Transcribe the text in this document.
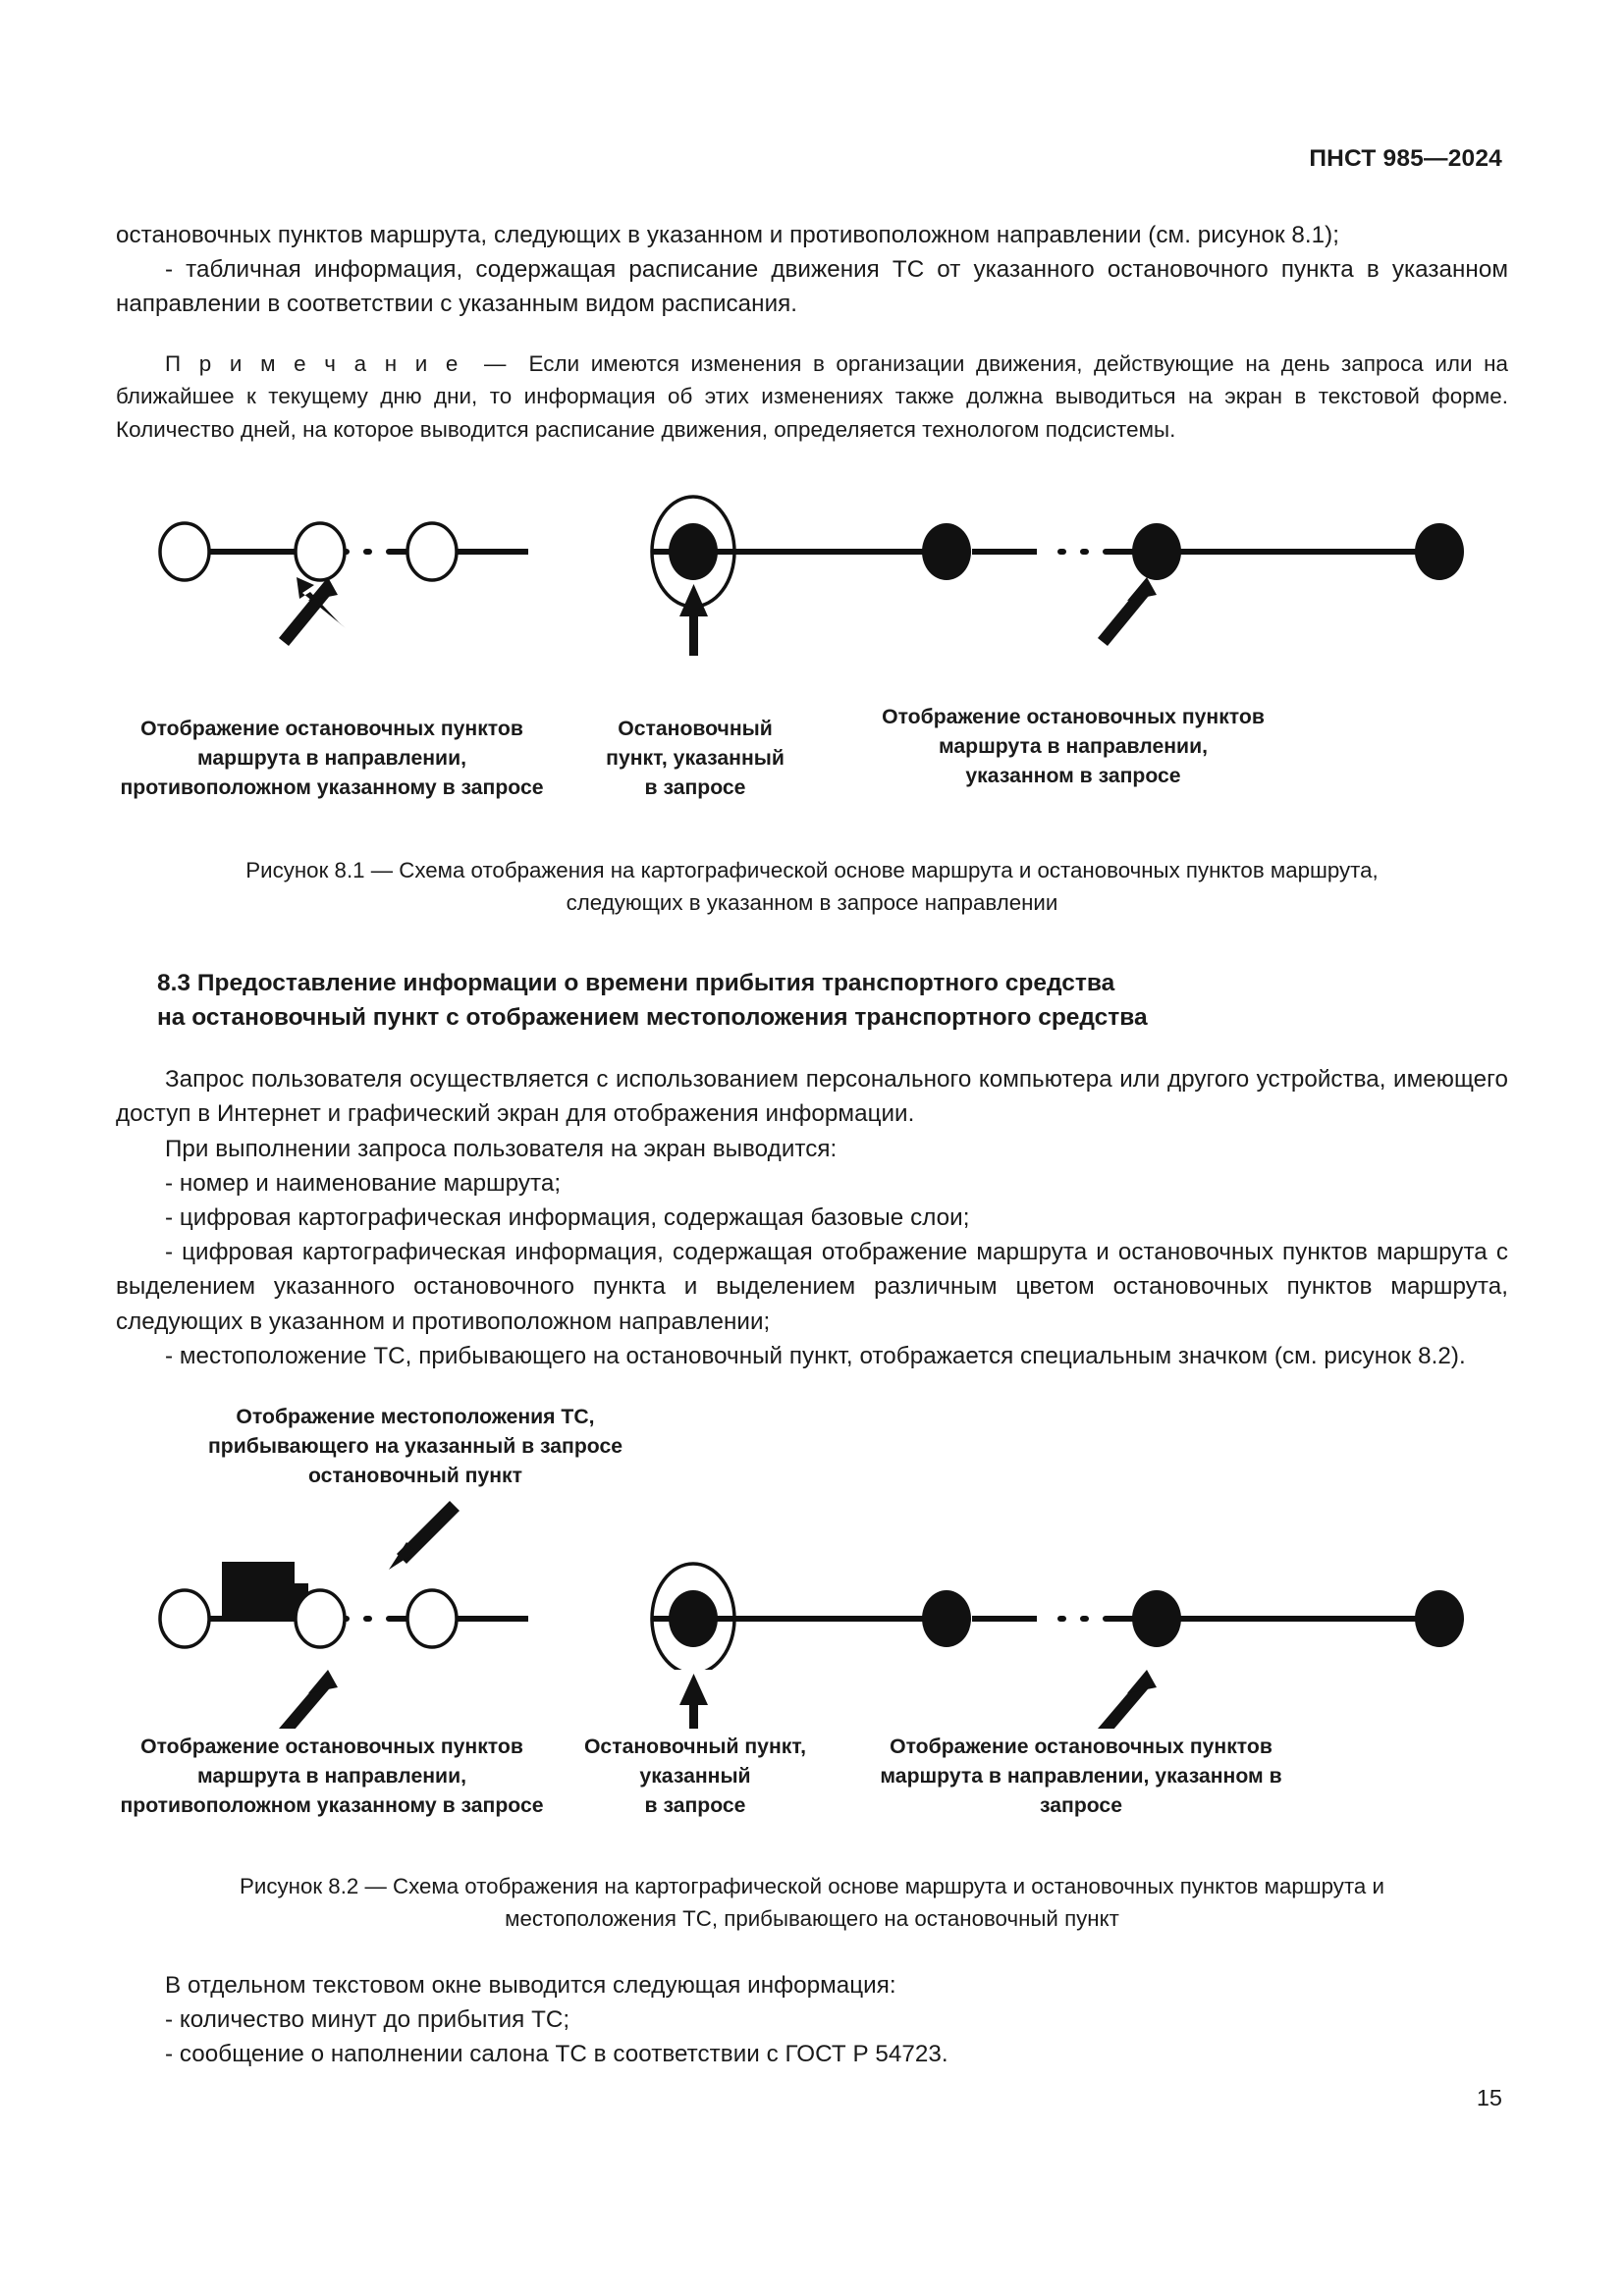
ПНСТ 985—2024

остановочных пунктов маршрута, следующих в указанном и противоположном направлении (см. рисунок 8.1);

- табличная информация, содержащая расписание движения ТС от указанного остановочного пункта в указанном направлении в соответствии с указанным видом расписания.

П р и м е ч а н и е — Если имеются изменения в организации движения, действующие на день запроса или на ближайшее к текущему дню дни, то информация об этих изменениях также должна выводиться на экран в текстовой форме. Количество дней, на которое выводится расписание движения, определяется технологом подсистемы.

Отображение остановочных пунктов
маршрута в направлении,
противоположном указанному в запросе
Остановочный
пункт, указанный
в запросе
Отображение остановочных пунктов
маршрута в направлении,
указанном в запросе
Рисунок 8.1 — Схема отображения на картографической основе маршрута и остановочных пунктов маршрута,
следующих в указанном в запросе направлении
8.3 Предоставление информации о времени прибытия транспортного средства
на остановочный пункт с отображением местоположения транспортного средства

Запрос пользователя осуществляется с использованием персонального компьютера или другого устройства, имеющего доступ в Интернет и графический экран для отображения информации.

При выполнении запроса пользователя на экран выводится:

- номер и наименование маршрута;

- цифровая картографическая информация, содержащая базовые слои;

- цифровая картографическая информация, содержащая отображение маршрута и остановочных пунктов маршрута с выделением указанного остановочного пункта и выделением различным цветом остановочных пунктов маршрута, следующих в указанном и противоположном направлении;

- местоположение ТС, прибывающего на остановочный пункт, отображается специальным значком (см. рисунок 8.2).

Отображение местоположения ТС,
прибывающего на указанный в запросе
остановочный пункт
Отображение остановочных пунктов
маршрута в направлении,
противоположном указанному в запросе
Остановочный пункт,
указанный
в запросе
Отображение остановочных пунктов
маршрута в направлении, указанном в
запросе
Рисунок 8.2 — Схема отображения на картографической основе маршрута и остановочных пунктов маршрута и
местоположения ТС, прибывающего на остановочный пункт

В отдельном текстовом окне выводится следующая информация:

- количество минут до прибытия ТС;

- сообщение о наполнении салона ТС в соответствии с ГОСТ Р 54723.

15
